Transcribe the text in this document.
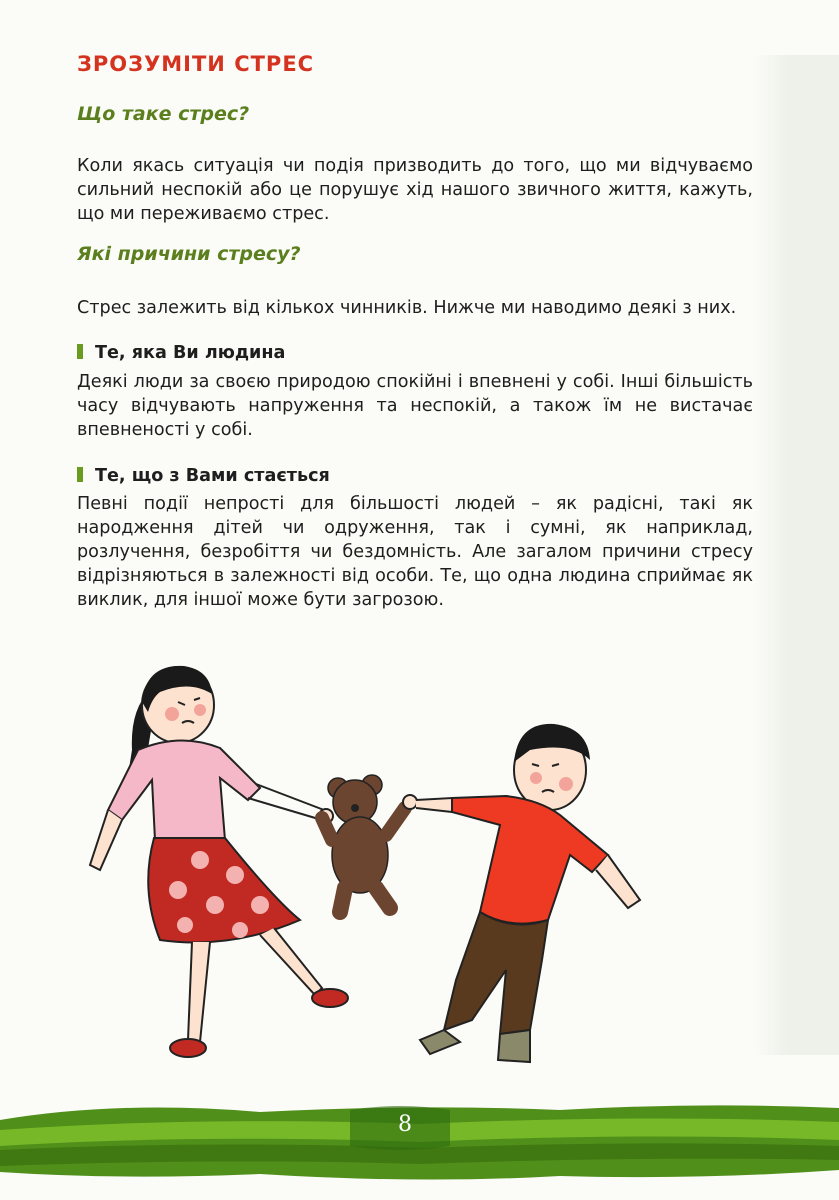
ЗРОЗУМІТИ СТРЕС
Що таке стрес?

Коли якась ситуація чи подія призводить до того, що ми відчуваємо сильний неспокій або це порушує хід нашого звичного життя, кажуть, що ми переживаємо стрес.

Які причини стресу?

Стрес залежить від кількох чинників. Нижче ми наводимо деякі з них.

Те, яка Ви людина

Деякі люди за своєю природою спокійні і впевнені у собі. Інші більшість часу відчувають напруження та неспокій, а також їм не вистачає впевненості у собі.

Те, що з Вами стається

Певні події непрості для більшості людей – як радісні, такі як народження дітей чи одруження, так і сумні, як наприклад, розлучення, безробіття чи бездомність. Але загалом причини стресу відрізняються в залежності від особи. Те, що одна людина сприймає як виклик, для іншої може бути загрозою.

8
